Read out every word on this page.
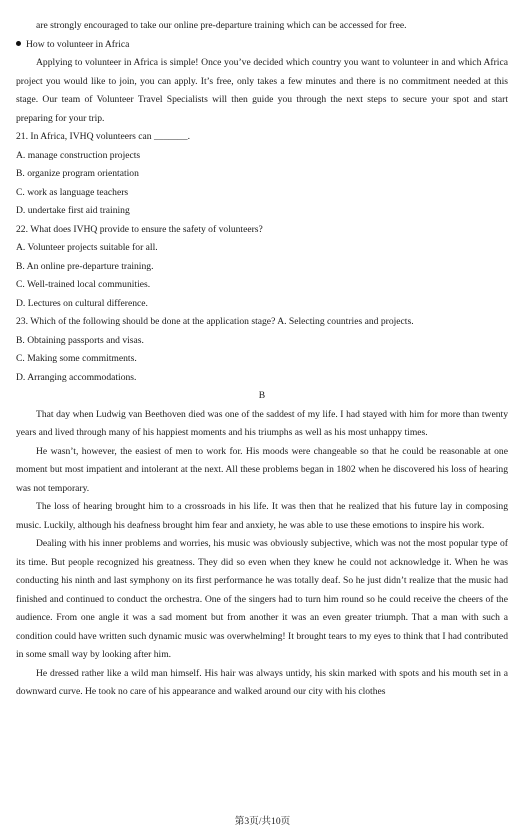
are strongly encouraged to take our online pre-departure training which can be accessed for free.

How to volunteer in Africa

Applying to volunteer in Africa is simple! Once you’ve decided which country you want to volunteer in and which Africa project you would like to join, you can apply. It’s free, only takes a few minutes and there is no commitment needed at this stage. Our team of Volunteer Travel Specialists will then guide you through the next steps to secure your spot and start preparing for your trip.

21. In Africa, IVHQ volunteers can _______.

A. manage construction projects

B. organize program orientation

C. work as language teachers

D. undertake first aid training

22. What does IVHQ provide to ensure the safety of volunteers?

A. Volunteer projects suitable for all.

B. An online pre-departure training.

C. Well-trained local communities.

D. Lectures on cultural difference.

23. Which of the following should be done at the application stage? A. Selecting countries and projects.

B. Obtaining passports and visas.

C. Making some commitments.

D. Arranging accommodations.

B

That day when Ludwig van Beethoven died was one of the saddest of my life. I had stayed with him for more than twenty years and lived through many of his happiest moments and his triumphs as well as his most unhappy times.

He wasn’t, however, the easiest of men to work for. His moods were changeable so that he could be reasonable at one moment but most impatient and intolerant at the next. All these problems began in 1802 when he discovered his loss of hearing was not temporary.

The loss of hearing brought him to a crossroads in his life. It was then that he realized that his future lay in composing music. Luckily, although his deafness brought him fear and anxiety, he was able to use these emotions to inspire his work.

Dealing with his inner problems and worries, his music was obviously subjective, which was not the most popular type of its time. But people recognized his greatness. They did so even when they knew he could not acknowledge it. When he was conducting his ninth and last symphony on its first performance he was totally deaf. So he just didn’t realize that the music had finished and continued to conduct the orchestra. One of the singers had to turn him round so he could receive the cheers of the audience. From one angle it was a sad moment but from another it was an even greater triumph. That a man with such a condition could have written such dynamic music was overwhelming! It brought tears to my eyes to think that I had contributed in some small way by looking after him.

He dressed rather like a wild man himself. His hair was always untidy, his skin marked with spots and his mouth set in a downward curve. He took no care of his appearance and walked around our city with his clothes

第3页/共10页
